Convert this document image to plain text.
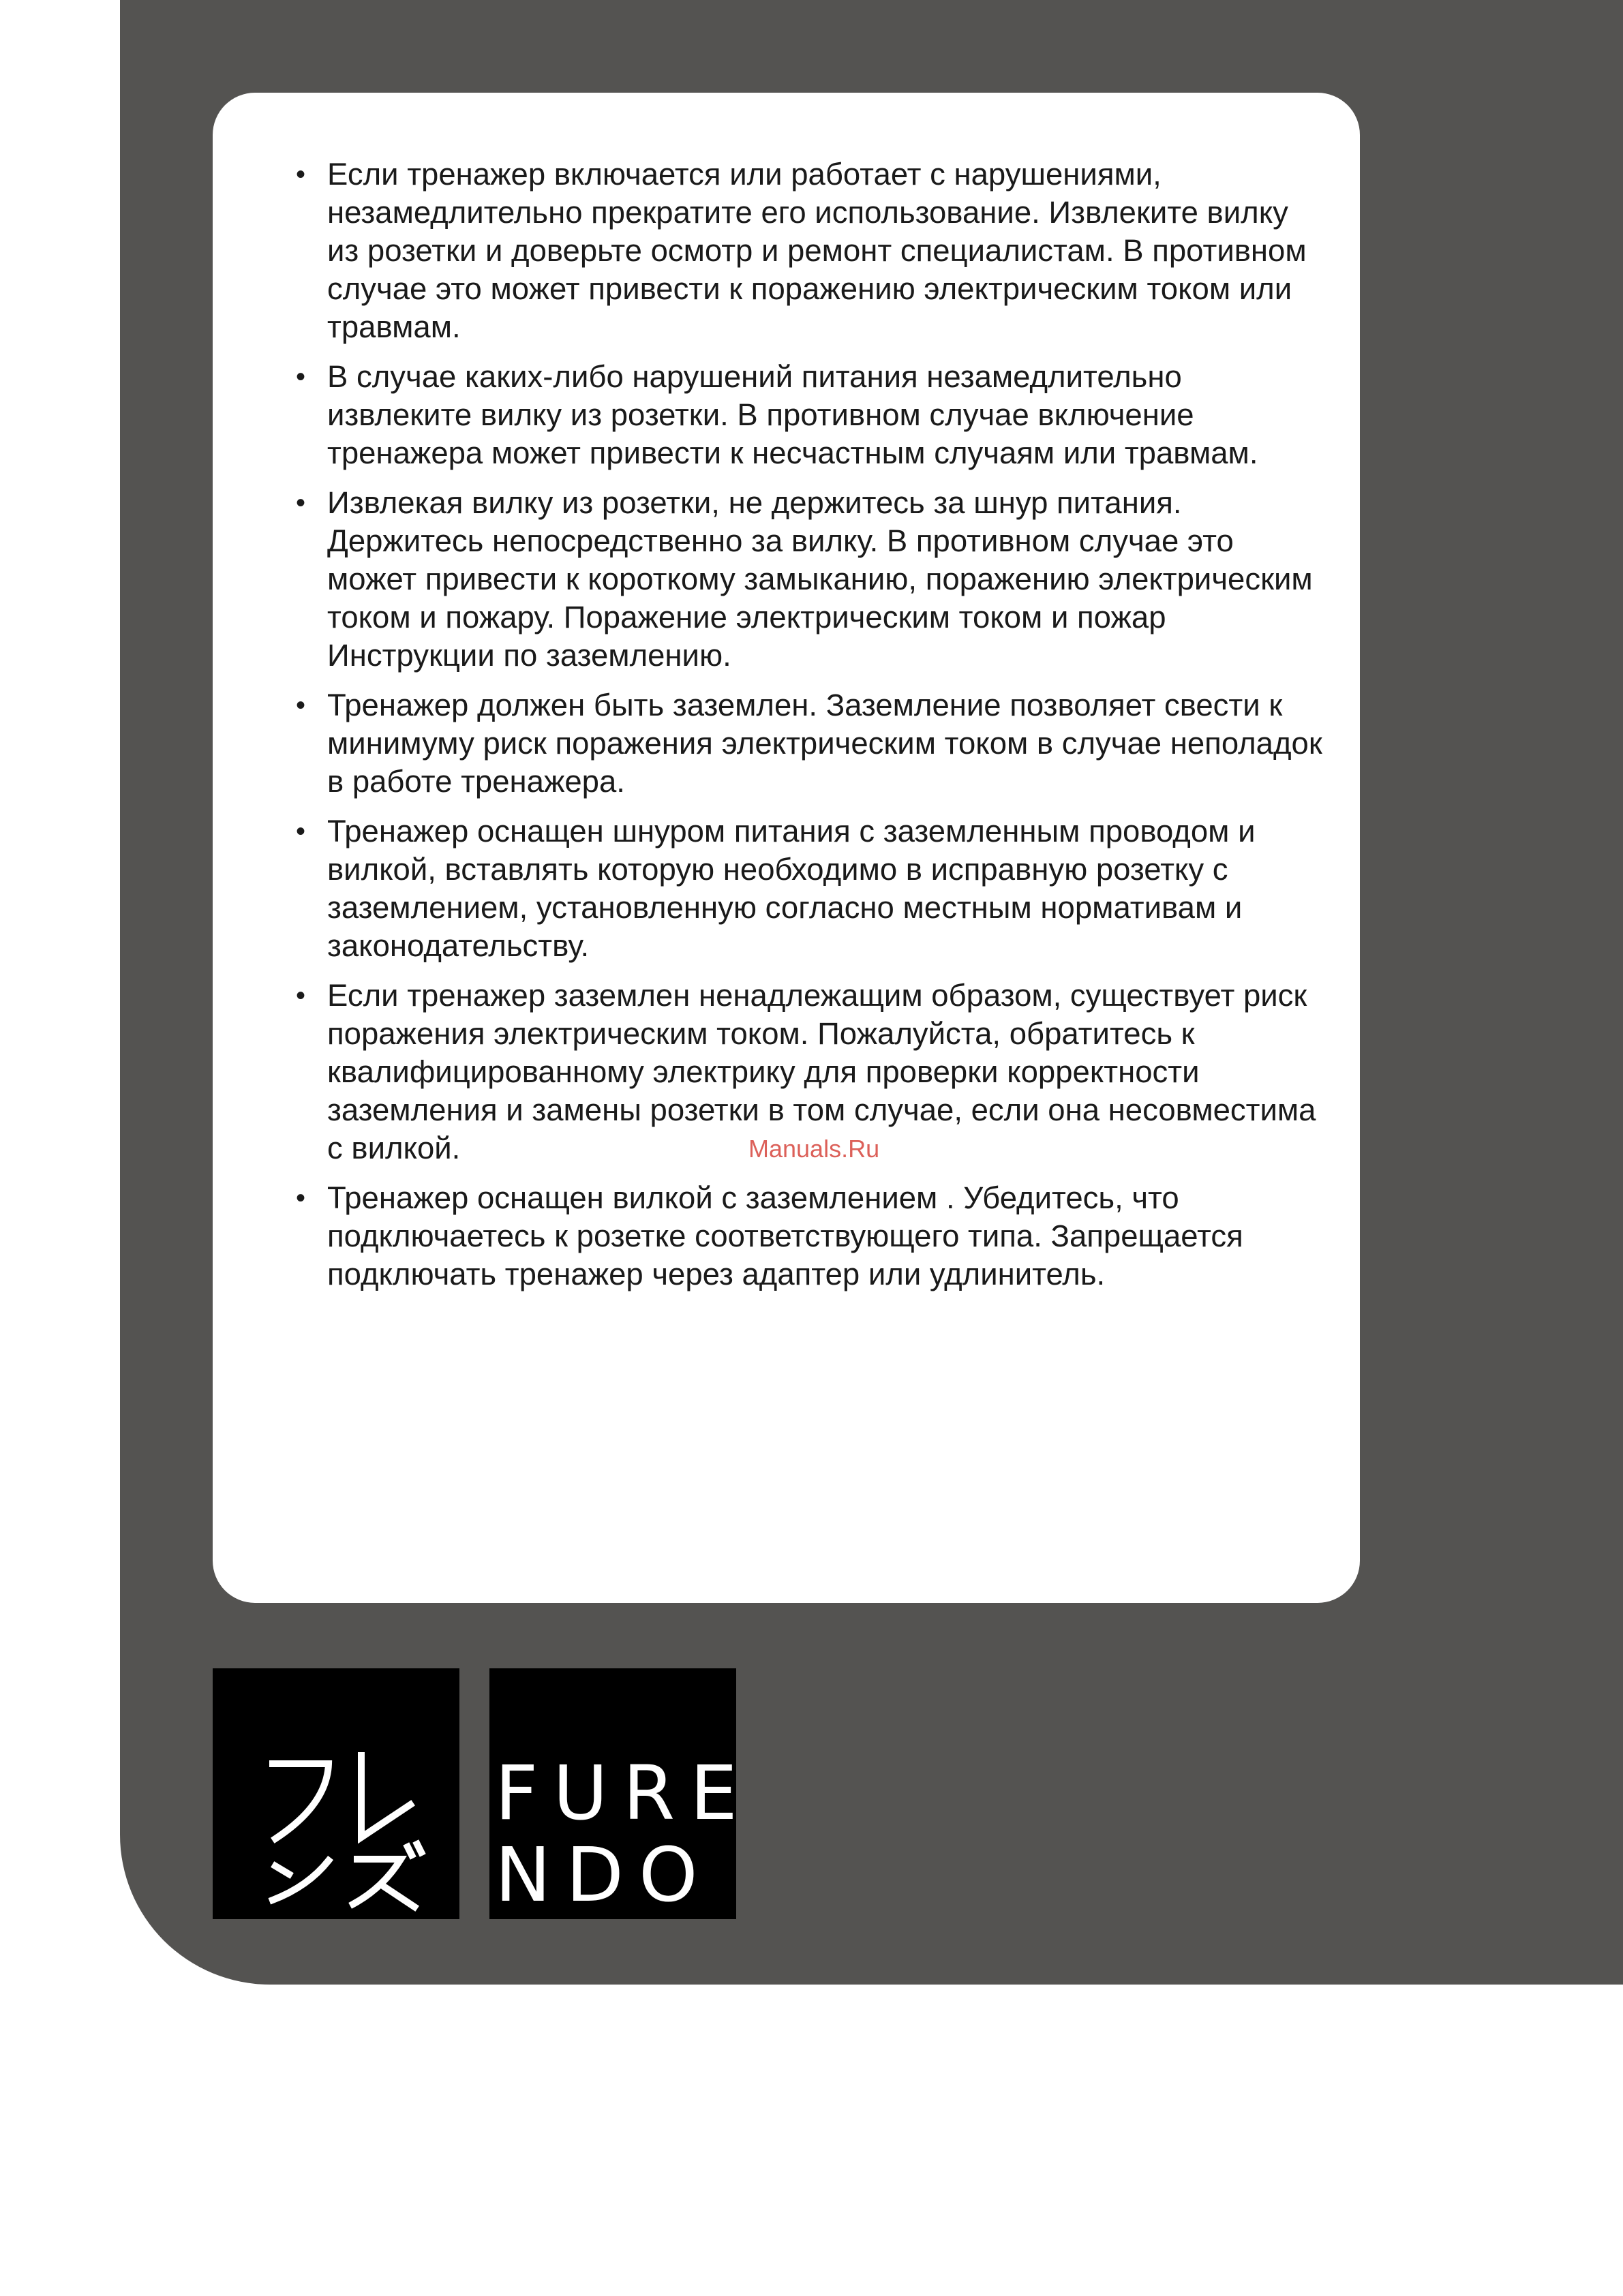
• Если тренажер включается или работает с нарушениями, незамедлительно прекратите его использование. Извлеките вилку из розетки и доверьте осмотр и ремонт специалистам. В противном случае это может привести к поражению электрическим током или травмам.
• В случае каких-либо нарушений питания незамедлительно извлеките вилку из розетки. В противном случае включение тренажера может привести к несчастным случаям или травмам.
• Извлекая вилку из розетки, не держитесь за шнур питания. Держитесь непосредственно за вилку. В противном случае это может привести к короткому замыканию, поражению электрическим током и пожару. Поражение электрическим током и пожар Инструкции по заземлению.
• Тренажер должен быть заземлен. Заземление позволяет свести к минимуму риск поражения электрическим током в случае неполадок в работе тренажера.
• Тренажер оснащен шнуром питания с заземленным проводом и вилкой, вставлять которую необходимо в исправную розетку с заземлением, установленную согласно местным нормативам и законодательству.
• Если тренажер заземлен ненадлежащим образом, существует риск поражения электрическим током. Пожалуйста, обратитесь к квалифицированному электрику для проверки корректности заземления и замены розетки в том случае, если она несовместима с вилкой.
• Тренажер оснащен вилкой с заземлением . Убедитесь, что подключаетесь к розетке соответствующего типа. Запрещается подключать тренажер через адаптер или удлинитель.
Manuals.Ru
FURE
NDO
